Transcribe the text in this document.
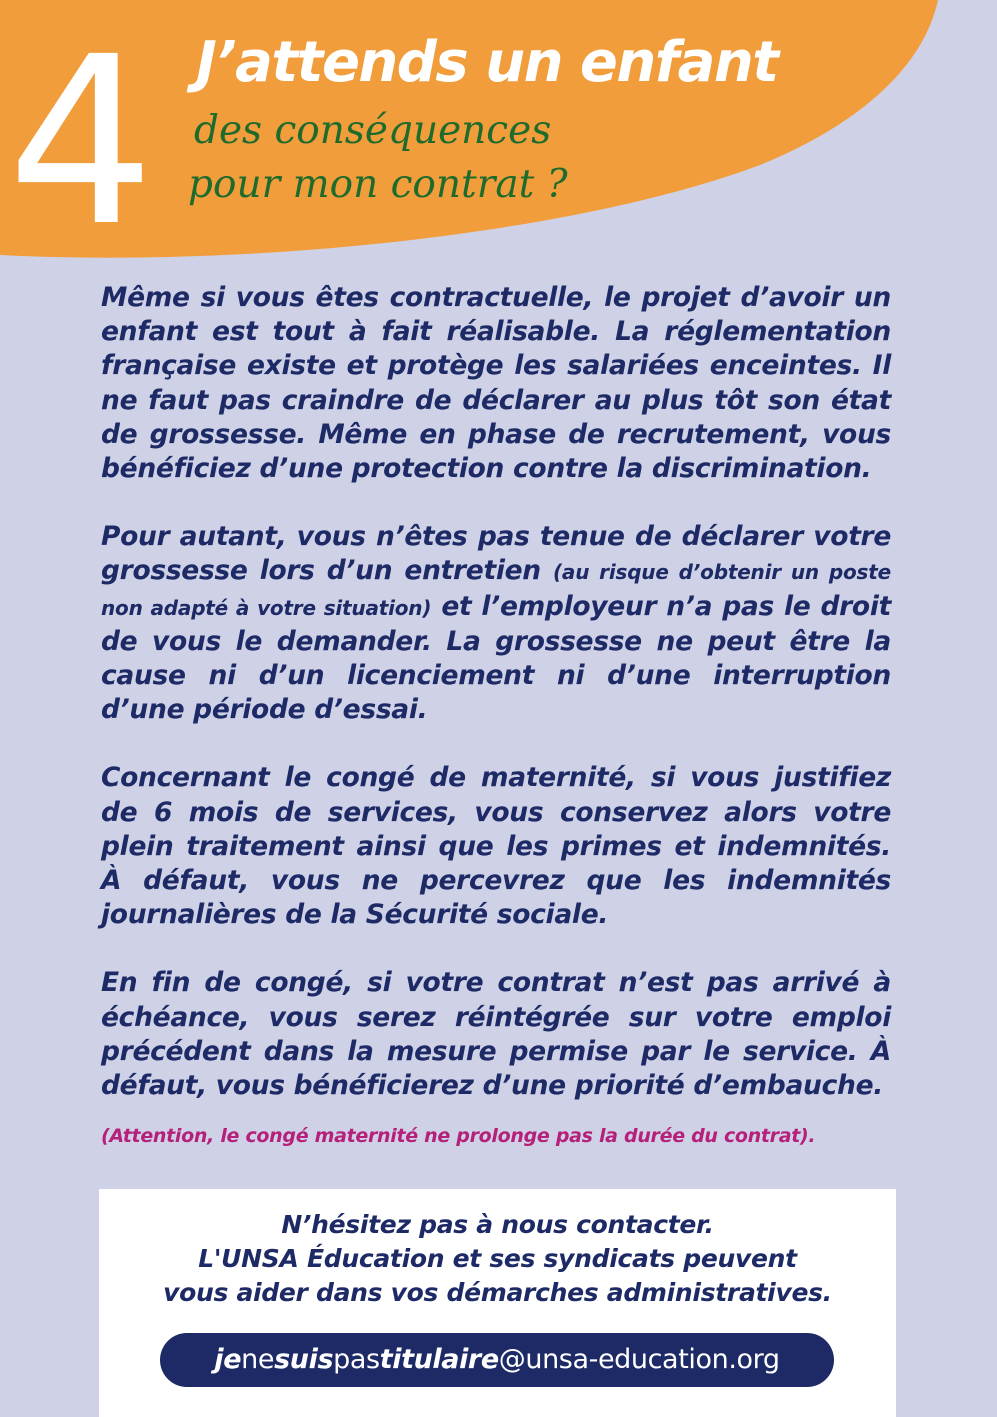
4 J’attends un enfant
des conséquences
pour mon contrat ?

Même si vous êtes contractuelle, le projet d’avoir un enfant est tout à fait réalisable. La réglementation française existe et protège les salariées enceintes. Il ne faut pas craindre de déclarer au plus tôt son état de grossesse. Même en phase de recrutement, vous bénéficiez d’une protection contre la discrimination.

Pour autant, vous n’êtes pas tenue de déclarer votre grossesse lors d’un entretien (au risque d’obtenir un poste non adapté à votre situation) et l’employeur n’a pas le droit de vous le demander. La grossesse ne peut être la cause ni d’un licenciement ni d’une interruption d’une période d’essai.

Concernant le congé de maternité, si vous justifiez de 6 mois de services, vous conservez alors votre plein traitement ainsi que les primes et indemnités. À défaut, vous ne percevrez que les indemnités journalières de la Sécurité sociale.

En fin de congé, si votre contrat n’est pas arrivé à échéance, vous serez réintégrée sur votre emploi précédent dans la mesure permise par le service. À défaut, vous bénéficierez d’une priorité d’embauche.

(Attention, le congé maternité ne prolonge pas la durée du contrat).

N’hésitez pas à nous contacter.
L'UNSA Éducation et ses syndicats peuvent
vous aider dans vos démarches administratives.
jenesuispastitulaire@unsa-education.org
